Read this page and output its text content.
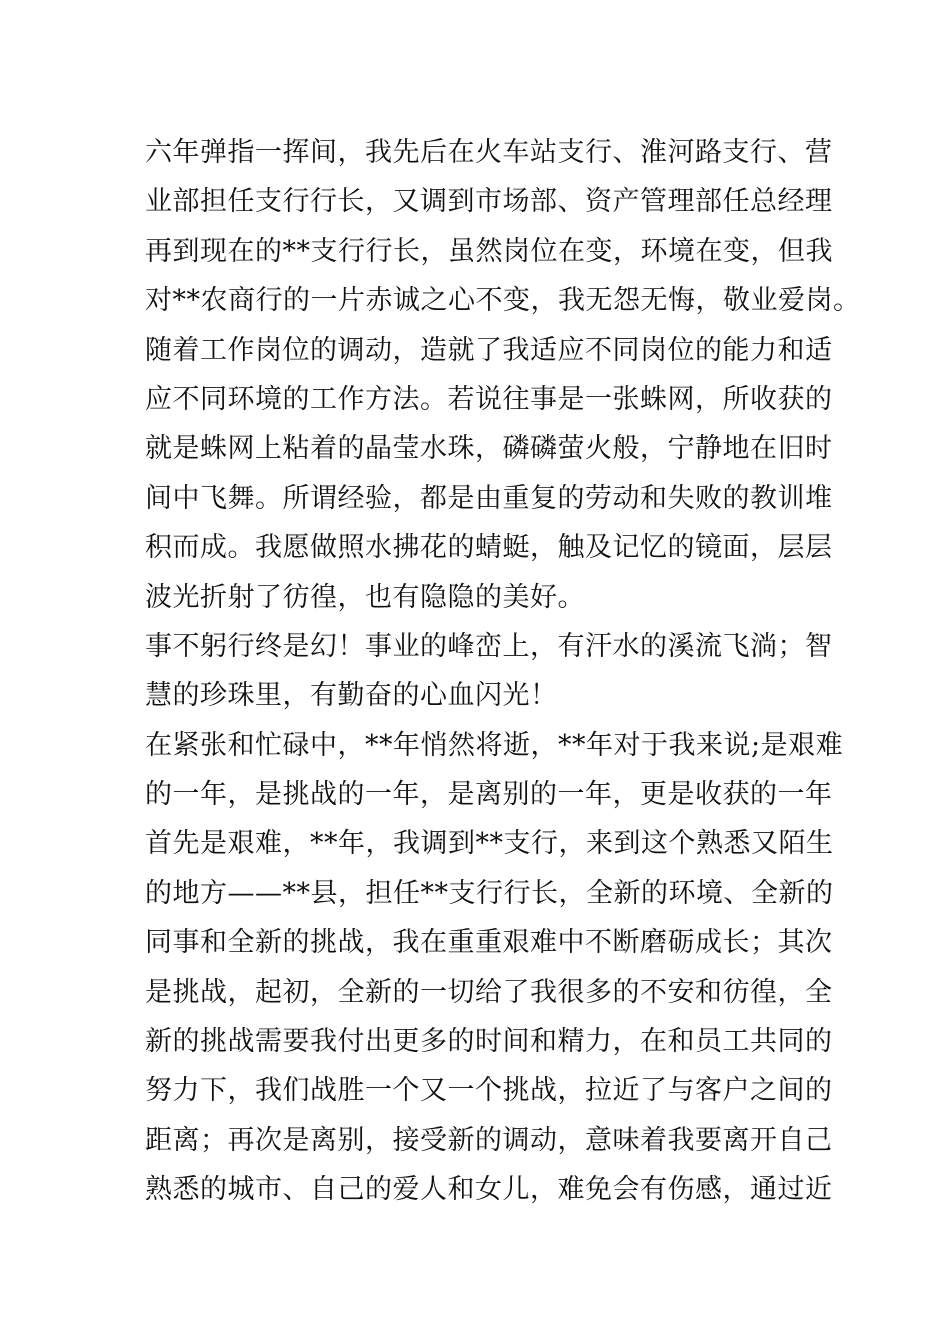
六年弹指一挥间，我先后在火车站支行、淮河路支行、营
业部担任支行行长，又调到市场部、资产管理部任总经理
再到现在的**支行行长，虽然岗位在变，环境在变，但我
对**农商行的一片赤诚之心不变，我无怨无悔，敬业爱岗。
随着工作岗位的调动，造就了我适应不同岗位的能力和适
应不同环境的工作方法。若说往事是一张蛛网，所收获的
就是蛛网上粘着的晶莹水珠，磷磷萤火般，宁静地在旧时
间中飞舞。所谓经验，都是由重复的劳动和失败的教训堆
积而成。我愿做照水拂花的蜻蜓，触及记忆的镜面，层层
波光折射了彷徨，也有隐隐的美好。
事不躬行终是幻！事业的峰峦上，有汗水的溪流飞淌；智
慧的珍珠里，有勤奋的心血闪光！
在紧张和忙碌中，**年悄然将逝，**年对于我来说;是艰难
的一年，是挑战的一年，是离别的一年，更是收获的一年
首先是艰难，**年，我调到**支行，来到这个熟悉又陌生
的地方——**县，担任**支行行长，全新的环境、全新的
同事和全新的挑战，我在重重艰难中不断磨砺成长；其次
是挑战，起初，全新的一切给了我很多的不安和彷徨，全
新的挑战需要我付出更多的时间和精力，在和员工共同的
努力下，我们战胜一个又一个挑战，拉近了与客户之间的
距离；再次是离别，接受新的调动，意味着我要离开自己
熟悉的城市、自己的爱人和女儿，难免会有伤感，通过近
